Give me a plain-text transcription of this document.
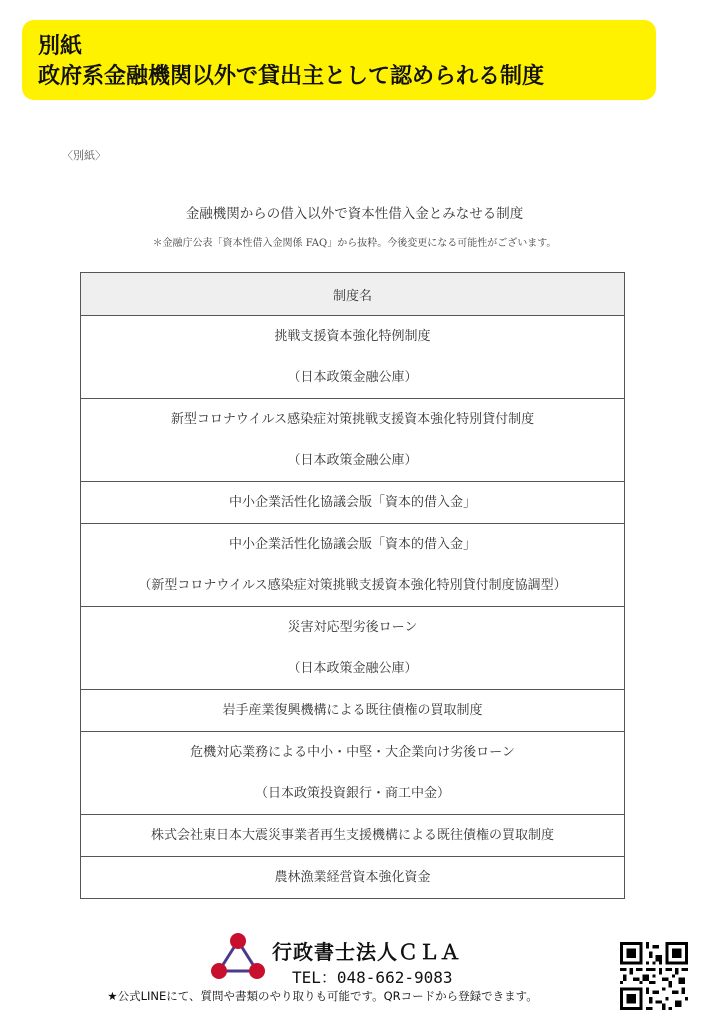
別紙
政府系金融機関以外で貸出主として認められる制度
〈別紙〉
金融機関からの借入以外で資本性借入金とみなせる制度
＊金融庁公表「資本性借入金関係 FAQ」から抜粋。今後変更になる可能性がございます。
制度名

挑戦支援資本強化特例制度
（日本政策金融公庫）

新型コロナウイルス感染症対策挑戦支援資本強化特別貸付制度
（日本政策金融公庫）

中小企業活性化協議会版「資本的借入金」

中小企業活性化協議会版「資本的借入金」
（新型コロナウイルス感染症対策挑戦支援資本強化特別貸付制度協調型）

災害対応型劣後ローン
（日本政策金融公庫）

岩手産業復興機構による既往債権の買取制度

危機対応業務による中小・中堅・大企業向け劣後ローン
（日本政策投資銀行・商工中金）

株式会社東日本大震災事業者再生支援機構による既往債権の買取制度

農林漁業経営資本強化資金
行政書士法人ＣＬＡ
TEL：048-662-9083
★公式LINEにて、質問や書類のやり取りも可能です。QRコードから登録できます。
